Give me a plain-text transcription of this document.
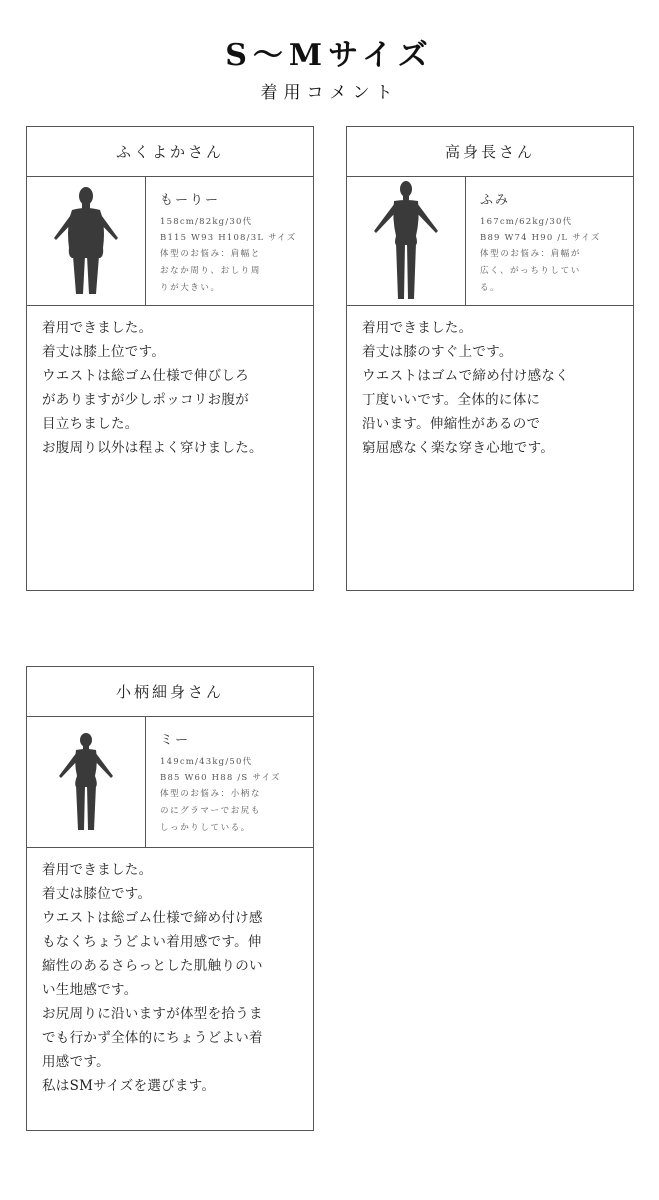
S～Mサイズ
着用コメント
ふくよかさん
もーりー
158cm/82kg/30代
B115 W93 H108/3L サイズ
体型のお悩み：肩幅と
おなか周り、おしり周
りが大きい。
着用できました。
着丈は膝上位です。
ウエストは総ゴム仕様で伸びしろ
がありますが少しポッコリお腹が
目立ちました。
お腹周り以外は程よく穿けました。
高身長さん
ふみ
167cm/62kg/30代
B89 W74 H90 /L サイズ
体型のお悩み：肩幅が
広く、がっちりしてい
る。
着用できました。
着丈は膝のすぐ上です。
ウエストはゴムで締め付け感なく
丁度いいです。全体的に体に
沿います。伸縮性があるので
窮屈感なく楽な穿き心地です。
小柄細身さん
ミー
149cm/43kg/50代
B85 W60 H88 /S サイズ
体型のお悩み：小柄な
のにグラマーでお尻も
しっかりしている。
着用できました。
着丈は膝位です。
ウエストは総ゴム仕様で締め付け感
もなくちょうどよい着用感です。伸
縮性のあるさらっとした肌触りのい
い生地感です。
お尻周りに沿いますが体型を拾うま
でも行かず全体的にちょうどよい着
用感です。
私はSMサイズを選びます。
